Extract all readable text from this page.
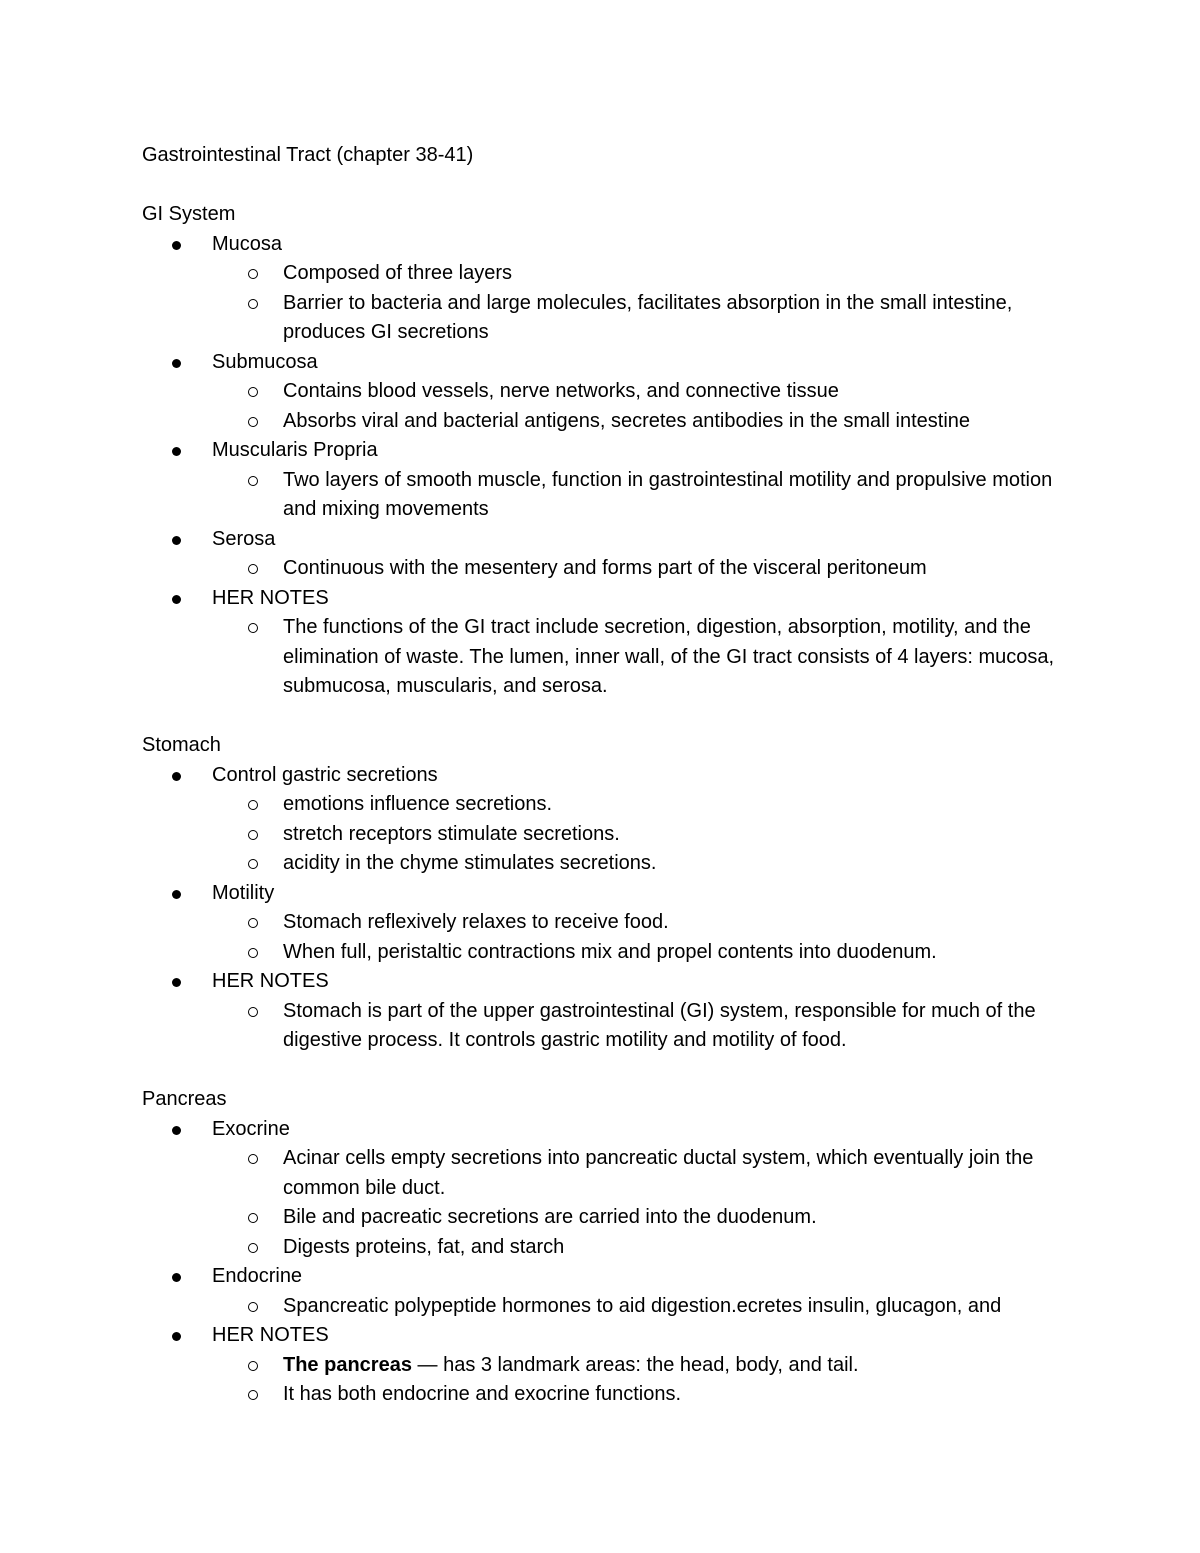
Gastrointestinal Tract (chapter 38-41)
GI System
Mucosa
Composed of three layers
Barrier to bacteria and large molecules, facilitates absorption in the small intestine, produces GI secretions
Submucosa
Contains blood vessels, nerve networks, and connective tissue
Absorbs viral and bacterial antigens, secretes antibodies in the small intestine
Muscularis Propria
Two layers of smooth muscle, function in gastrointestinal motility and propulsive motion and mixing movements
Serosa
Continuous with the mesentery and forms part of the visceral peritoneum
HER NOTES
The functions of the GI tract include secretion, digestion, absorption, motility, and the elimination of waste. The lumen, inner wall, of the GI tract consists of 4 layers: mucosa, submucosa, muscularis, and serosa.
Stomach
Control gastric secretions
emotions influence secretions.
stretch receptors stimulate secretions.
acidity in the chyme stimulates secretions.
Motility
Stomach reflexively relaxes to receive food.
When full, peristaltic contractions mix and propel contents into duodenum.
HER NOTES
Stomach is part of the upper gastrointestinal (GI) system, responsible for much of the digestive process. It controls gastric motility and motility of food.
Pancreas
Exocrine
Acinar cells empty secretions into pancreatic ductal system, which eventually join the common bile duct.
Bile and pacreatic secretions are carried into the duodenum.
Digests proteins, fat, and starch
Endocrine
Spancreatic polypeptide hormones to aid digestion.ecretes insulin, glucagon, and
HER NOTES
The pancreas — has 3 landmark areas: the head, body, and tail.
It has both endocrine and exocrine functions.
